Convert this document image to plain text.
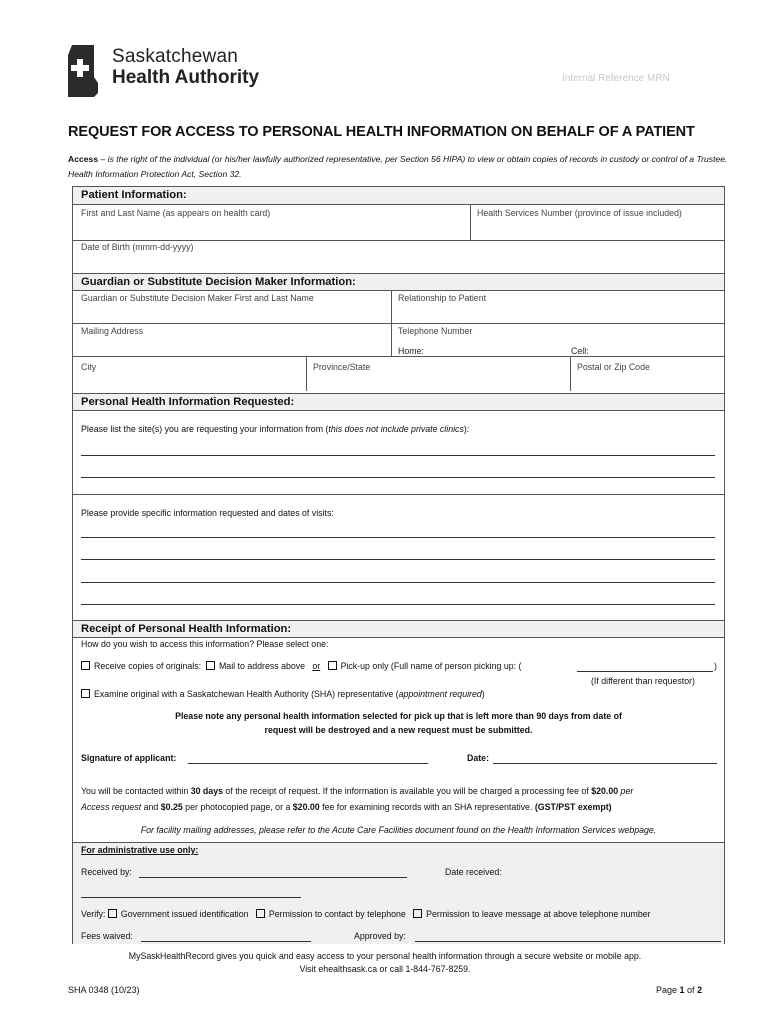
Saskatchewan
Health Authority	Internal Reference MRN
REQUEST FOR ACCESS TO PERSONAL HEALTH INFORMATION ON BEHALF OF A PATIENT
Access – is the right of the individual (or his/her lawfully authorized representative, per Section 56 HIPA) to view or obtain copies of records in custody or control of a Trustee. Health Information Protection Act, Section 32.
Patient Information:
First and Last Name (as appears on health card)	Health Services Number (province of issue included)
Date of Birth (mmm-dd-yyyy)
Guardian or Substitute Decision Maker Information:
Guardian or Substitute Decision Maker First and Last Name	Relationship to Patient
Mailing Address	Telephone Number
Home:	Cell:
City	Province/State	Postal or Zip Code
Personal Health Information Requested:
Please list the site(s) you are requesting your information from (this does not include private clinics):
Please provide specific information requested and dates of visits:
Receipt of Personal Health Information:
How do you wish to access this information? Please select one:
Receive copies of originals: Mail to address above or Pick-up only (Full name of person picking up: (	)
(If different than requestor)
Examine original with a Saskatchewan Health Authority (SHA) representative (appointment required)
Please note any personal health information selected for pick up that is left more than 90 days from date of
request will be destroyed and a new request must be submitted.
Signature of applicant:	Date:
You will be contacted within 30 days of the receipt of request. If the information is available you will be charged a processing fee of $20.00 per
Access request and $0.25 per photocopied page, or a $20.00 fee for examining records with an SHA representative. (GST/PST exempt)
For facility mailing addresses, please refer to the Acute Care Facilities document found on the Health Information Services webpage.
For administrative use only:
Received by:	Date received:
Verify: Government issued identification Permission to contact by telephone Permission to leave message at above telephone number
Fees waived:	Approved by:
MySaskHealthRecord gives you quick and easy access to your personal health information through a secure website or mobile app.
Visit ehealthsask.ca or call 1-844-767-8259.
SHA 0348 (10/23)	Page 1 of 2
